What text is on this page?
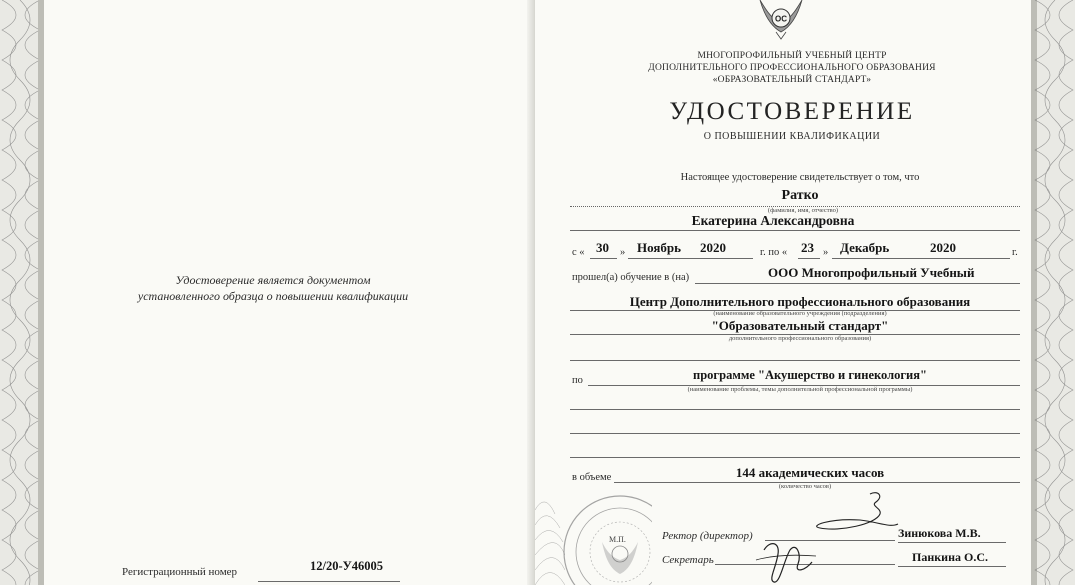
Удостоверение является документом
установленного образца о повышении квалификации
Регистрационный номер	12/20-У46005
ОС
МНОГОПРОФИЛЬНЫЙ УЧЕБНЫЙ ЦЕНТР
ДОПОЛНИТЕЛЬНОГО ПРОФЕССИОНАЛЬНОГО ОБРАЗОВАНИЯ
«ОБРАЗОВАТЕЛЬНЫЙ СТАНДАРТ»
УДОСТОВЕРЕНИЕ
О ПОВЫШЕНИИ КВАЛИФИКАЦИИ
Настоящее удостоверение свидетельствует о том, что
Ратко
(фамилия, имя, отчество)
Екатерина Александровна
с « 30 » Ноябрь 2020	г. по « 23 » Декабрь	2020	г.
прошел(а) обучение в (на)	ООО Многопрофильный Учебный
Центр Дополнительного профессионального образования
(наименование образовательного учреждения (подразделения)
"Образовательный стандарт"
дополнительного профессионального образования)
по	программе "Акушерство и гинекология"
(наименование проблемы, темы дополнительной профессиональной программы)
в объеме	144 академических часов
(количество часов)
М.П.	Ректор (директор)	Зинюкова М.В.
Секретарь	Панкина О.С.
